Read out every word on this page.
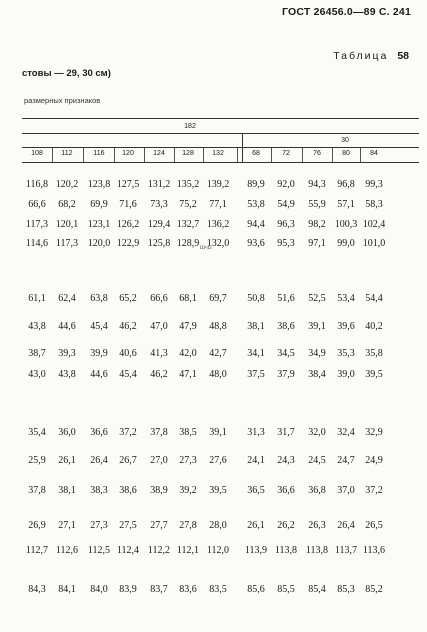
ГОСТ 26456.0—89 С. 241
Таблица 58
стовы — 29, 30 см)
размерных признаков
182
30
108	112	116	120	124	128	132	68	72	76	80	84
116,8 120,2 123,8 127,5 131,2 135,2 139,2	89,9	92,0	94,3	96,8	99,3
66,6	68,2	69,9	71,6	73,3	75,2	77,1	53,8	54,9	55,9	57,1	58,3
117,3 120,1 123,1 126,2 129,4 132,7 136,2	94,4	96,3	98,2 100,3 102,4
114,6 117,3 120,0 122,9 125,8 128,9 132,0	93,6	95,3	97,1	99,0 101,0
61,1	62,4	63,8	65,2	66,6	68,1	69,7	50,8	51,6	52,5	53,4	54,4
43,8	44,6	45,4	46,2	47,0	47,9	48,8	38,1	38,6	39,1	39,6	40,2
38,7	39,3	39,9	40,6	41,3	42,0	42,7	34,1	34,5	34,9	35,3	35,8
43,0	43,8	44,6	45,4	46,2	47,1	48,0	37,5	37,9	38,4	39,0	39,5
35,4	36,0	36,6	37,2	37,8	38,5	39,1	31,3	31,7	32,0	32,4	32,9
25,9	26,1	26,4	26,7	27,0	27,3	27,6	24,1	24,3	24,5	24,7	24,9
37,8	38,1	38,3	38,6	38,9	39,2	39,5	36,5	36,6	36,8	37,0	37,2
26,9	27,1	27,3	27,5	27,7	27,8	28,0	26,1	26,2	26,3	26,4	26,5
112,7 112,6 112,5 112,4 112,2 112,1 112,0	113,9 113,8 113,8 113,7 113,6
84,3	84,1	84,0	83,9	83,7	83,6	83,5	85,6	85,5	85,4	85,3	85,2
Ш•42
